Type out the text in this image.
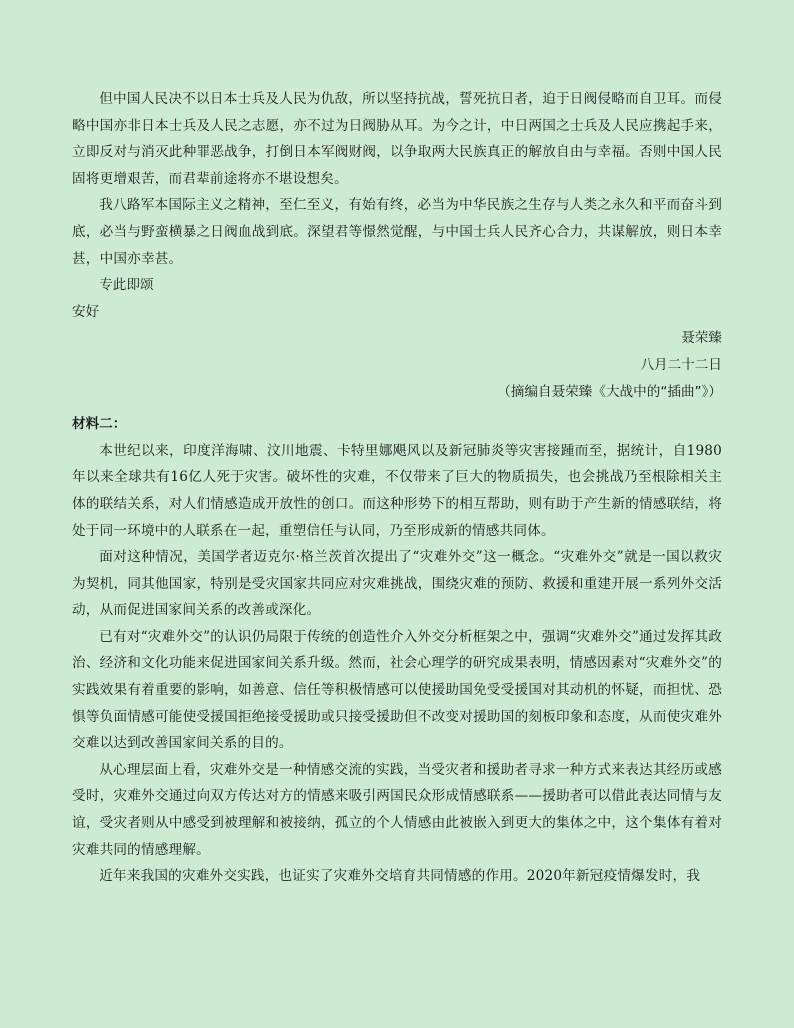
但中国人民决不以日本士兵及人民为仇敌，所以坚持抗战，誓死抗日者，迫于日阀侵略而自卫耳。而侵略中国亦非日本士兵及人民之志愿，亦不过为日阀胁从耳。为今之计，中日两国之士兵及人民应携起手来，立即反对与消灭此种罪恶战争，打倒日本军阀财阀，以争取两大民族真正的解放自由与幸福。否则中国人民固将更增艰苦，而君辈前途将亦不堪设想矣。

我八路军本国际主义之精神，至仁至义，有始有终，必当为中华民族之生存与人类之永久和平而奋斗到底，必当与野蛮横暴之日阀血战到底。深望君等憬然觉醒，与中国士兵人民齐心合力，共谋解放，则日本幸甚，中国亦幸甚。

专此即颂

安好

聂荣臻

八月二十二日

（摘编自聂荣臻《大战中的“插曲”》）

材料二：

本世纪以来，印度洋海啸、汶川地震、卡特里娜飓风以及新冠肺炎等灾害接踵而至，据统计，自1980年以来全球共有16亿人死于灾害。破坏性的灾难，不仅带来了巨大的物质损失，也会挑战乃至根除相关主体的联结关系，对人们情感造成开放性的创口。而这种形势下的相互帮助，则有助于产生新的情感联结，将处于同一环境中的人联系在一起，重塑信任与认同，乃至形成新的情感共同体。

面对这种情况，美国学者迈克尔·格兰茨首次提出了“灾难外交”这一概念。“灾难外交”就是一国以救灾为契机，同其他国家，特别是受灾国家共同应对灾难挑战，围绕灾难的预防、救援和重建开展一系列外交活动，从而促进国家间关系的改善或深化。

已有对“灾难外交”的认识仍局限于传统的创造性介入外交分析框架之中，强调“灾难外交”通过发挥其政治、经济和文化功能来促进国家间关系升级。然而，社会心理学的研究成果表明，情感因素对“灾难外交”的实践效果有着重要的影响，如善意、信任等积极情感可以使援助国免受受援国对其动机的怀疑，而担忧、恐惧等负面情感可能使受援国拒绝接受援助或只接受援助但不改变对援助国的刻板印象和态度，从而使灾难外交难以达到改善国家间关系的目的。

从心理层面上看，灾难外交是一种情感交流的实践，当受灾者和援助者寻求一种方式来表达其经历或感受时，灾难外交通过向双方传达对方的情感来吸引两国民众形成情感联系——援助者可以借此表达同情与友谊，受灾者则从中感受到被理解和被接纳，孤立的个人情感由此被嵌入到更大的集体之中，这个集体有着对灾难共同的情感理解。

近年来我国的灾难外交实践，也证实了灾难外交培育共同情感的作用。2020年新冠疫情爆发时，我
